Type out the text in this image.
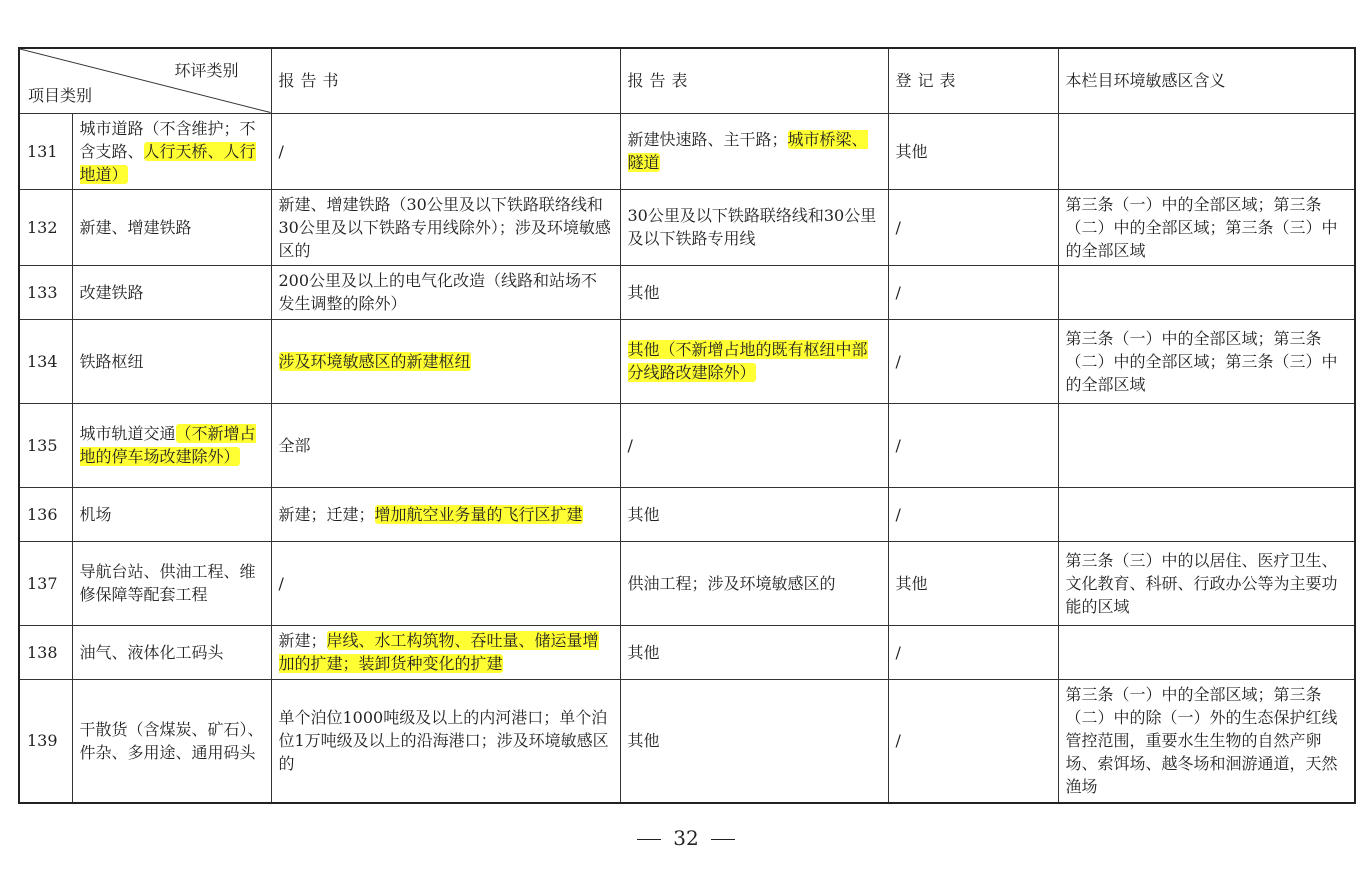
环评类别
项目类别		报告书	报告表	登记表	本栏目环境敏感区含义
131	城市道路（不含维护；不含支路、人行天桥、人行地道）	/	新建快速路、主干路；城市桥梁、隧道	其他	
132	新建、增建铁路	新建、增建铁路（30公里及以下铁路联络线和30公里及以下铁路专用线除外）；涉及环境敏感区的	30公里及以下铁路联络线和30公里及以下铁路专用线	/	第三条（一）中的全部区域；第三条（二）中的全部区域；第三条（三）中的全部区域
133	改建铁路	200公里及以上的电气化改造（线路和站场不发生调整的除外）	其他	/	
134	铁路枢纽	涉及环境敏感区的新建枢纽	其他（不新增占地的既有枢纽中部分线路改建除外）	/	第三条（一）中的全部区域；第三条（二）中的全部区域；第三条（三）中的全部区域
135	城市轨道交通（不新增占地的停车场改建除外）	全部	/	/	
136	机场	新建；迁建；增加航空业务量的飞行区扩建	其他	/	
137	导航台站、供油工程、维修保障等配套工程	/	供油工程；涉及环境敏感区的	其他	第三条（三）中的以居住、医疗卫生、文化教育、科研、行政办公等为主要功能的区域
138	油气、液体化工码头	新建；岸线、水工构筑物、吞吐量、储运量增加的扩建；装卸货种变化的扩建	其他	/	
139	干散货（含煤炭、矿石）、件杂、多用途、通用码头	单个泊位1000吨级及以上的内河港口；单个泊位1万吨级及以上的沿海港口；涉及环境敏感区的	其他	/	第三条（一）中的全部区域；第三条（二）中的除（一）外的生态保护红线管控范围，重要水生生物的自然产卵场、索饵场、越冬场和洄游通道，天然渔场
32
